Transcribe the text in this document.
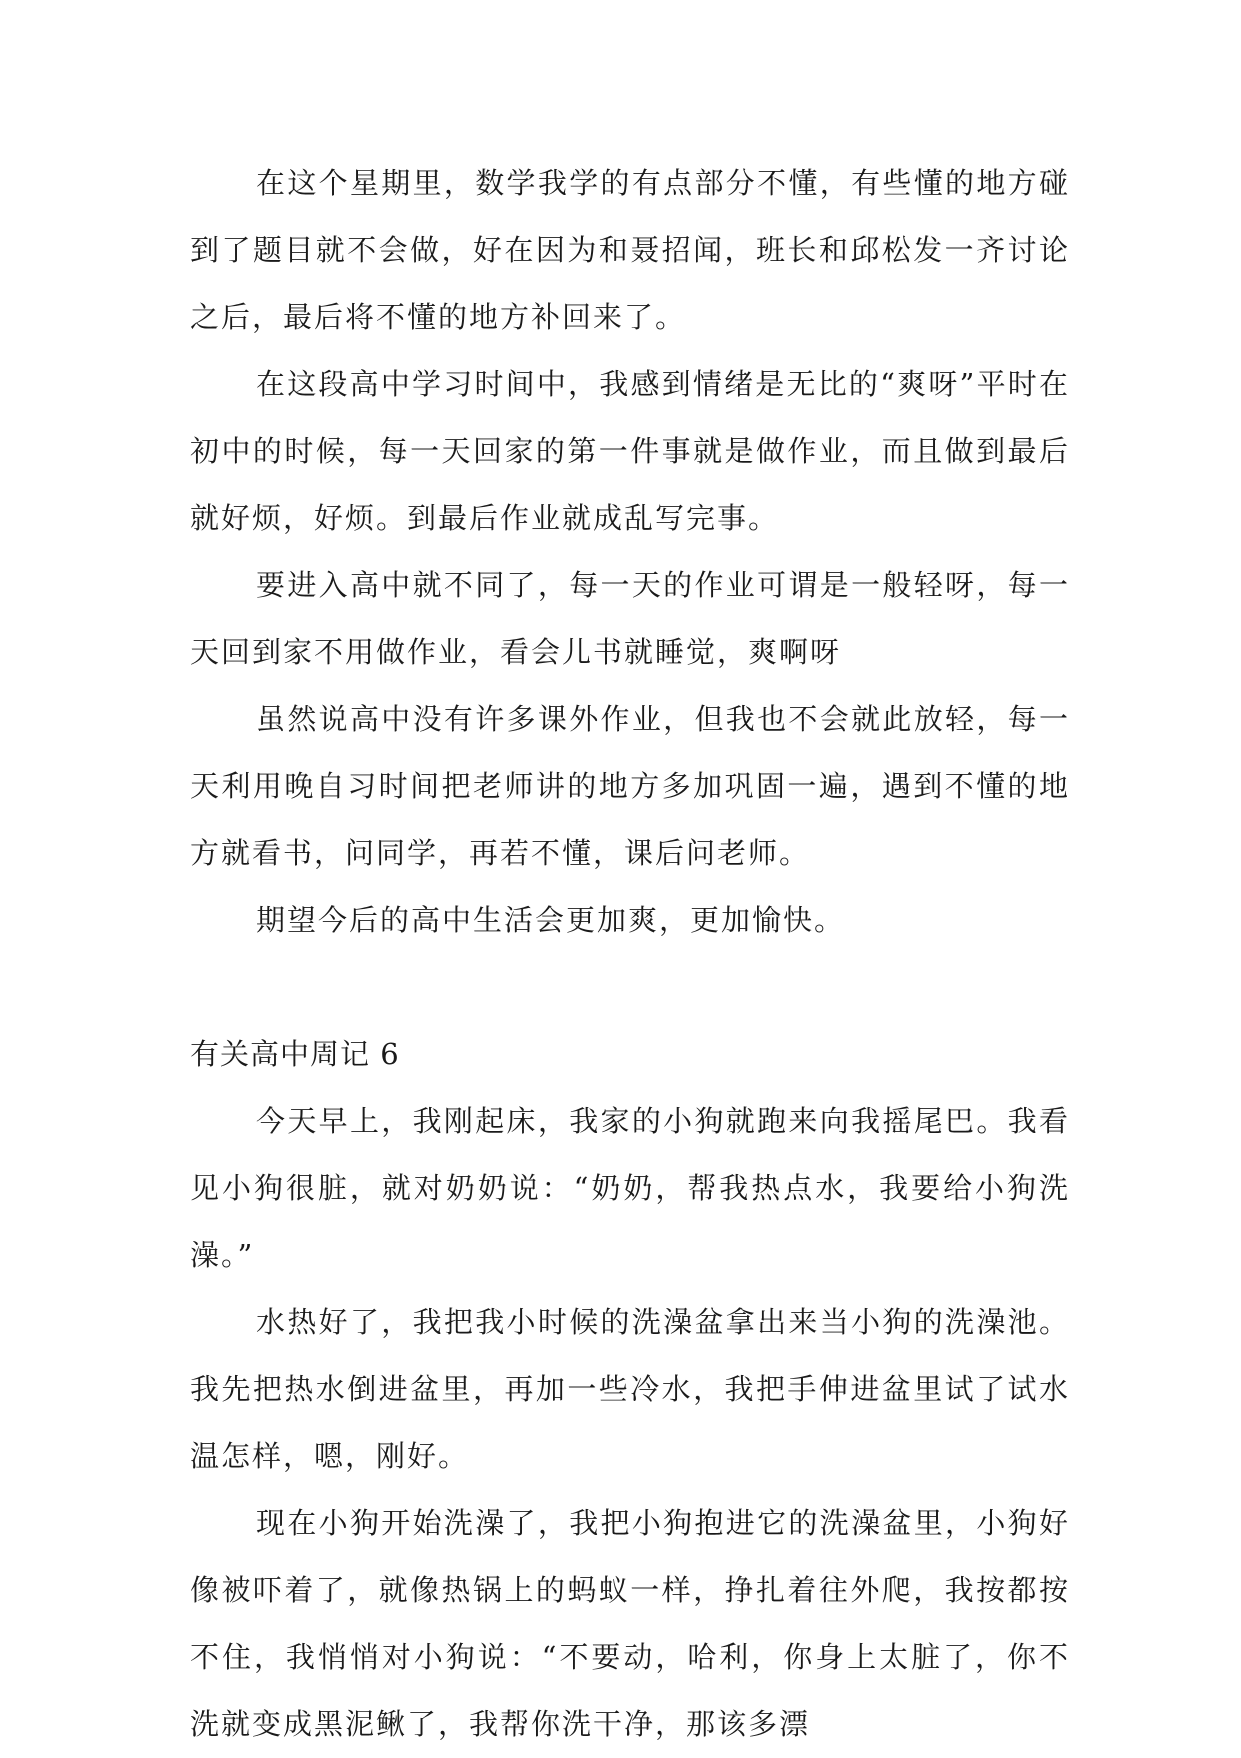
在这个星期里，数学我学的有点部分不懂，有些懂的地方碰到了题目就不会做，好在因为和聂招闻，班长和邱松发一齐讨论之后，最后将不懂的地方补回来了。

在这段高中学习时间中，我感到情绪是无比的“爽呀”平时在初中的时候，每一天回家的第一件事就是做作业，而且做到最后就好烦，好烦。到最后作业就成乱写完事。

要进入高中就不同了，每一天的作业可谓是一般轻呀，每一天回到家不用做作业，看会儿书就睡觉，爽啊呀

虽然说高中没有许多课外作业，但我也不会就此放轻，每一天利用晚自习时间把老师讲的地方多加巩固一遍，遇到不懂的地方就看书，问同学，再若不懂，课后问老师。

期望今后的高中生活会更加爽，更加愉快。

有关高中周记 6

今天早上，我刚起床，我家的小狗就跑来向我摇尾巴。我看见小狗很脏，就对奶奶说：“奶奶，帮我热点水，我要给小狗洗澡。”

水热好了，我把我小时候的洗澡盆拿出来当小狗的洗澡池。我先把热水倒进盆里，再加一些冷水，我把手伸进盆里试了试水温怎样，嗯，刚好。

现在小狗开始洗澡了，我把小狗抱进它的洗澡盆里，小狗好像被吓着了，就像热锅上的蚂蚁一样，挣扎着往外爬，我按都按不住，我悄悄对小狗说：“不要动，哈利，你身上太脏了，你不洗就变成黑泥鳅了，我帮你洗干净，那该多漂
